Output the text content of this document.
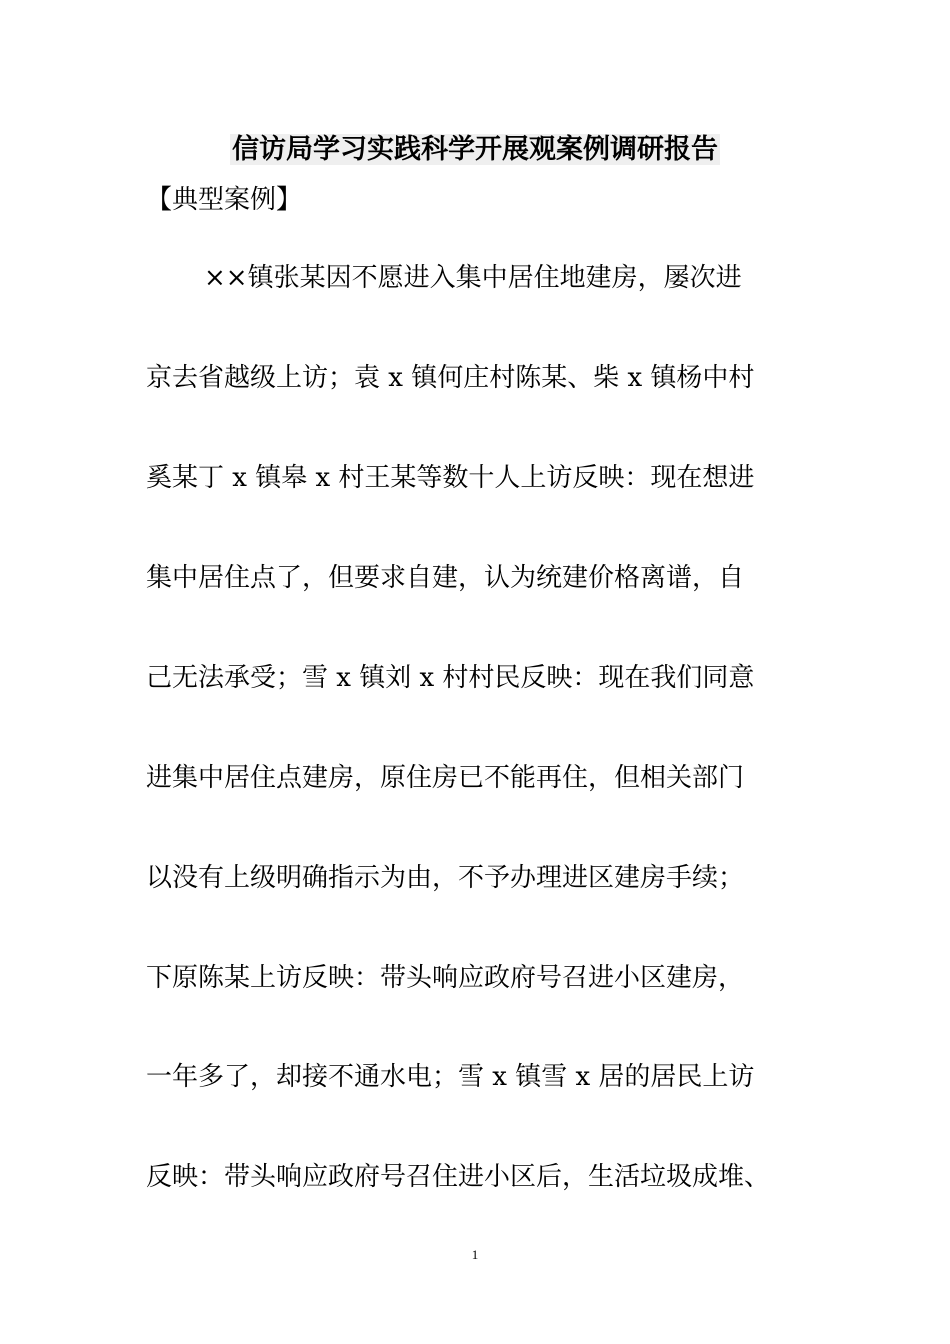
信访局学习实践科学开展观案例调研报告
【典型案例】
××镇张某因不愿进入集中居住地建房，屡次进
京去省越级上访；袁 x 镇何庄村陈某、柴 x 镇杨中村
奚某丁 x 镇皋 x 村王某等数十人上访反映：现在想进
集中居住点了，但要求自建，认为统建价格离谱，自
己无法承受；雪 x 镇刘 x 村村民反映：现在我们同意
进集中居住点建房，原住房已不能再住，但相关部门
以没有上级明确指示为由，不予办理进区建房手续；
下原陈某上访反映：带头响应政府号召进小区建房，
一年多了，却接不通水电；雪 x 镇雪 x 居的居民上访
反映：带头响应政府号召住进小区后，生活垃圾成堆、
1
